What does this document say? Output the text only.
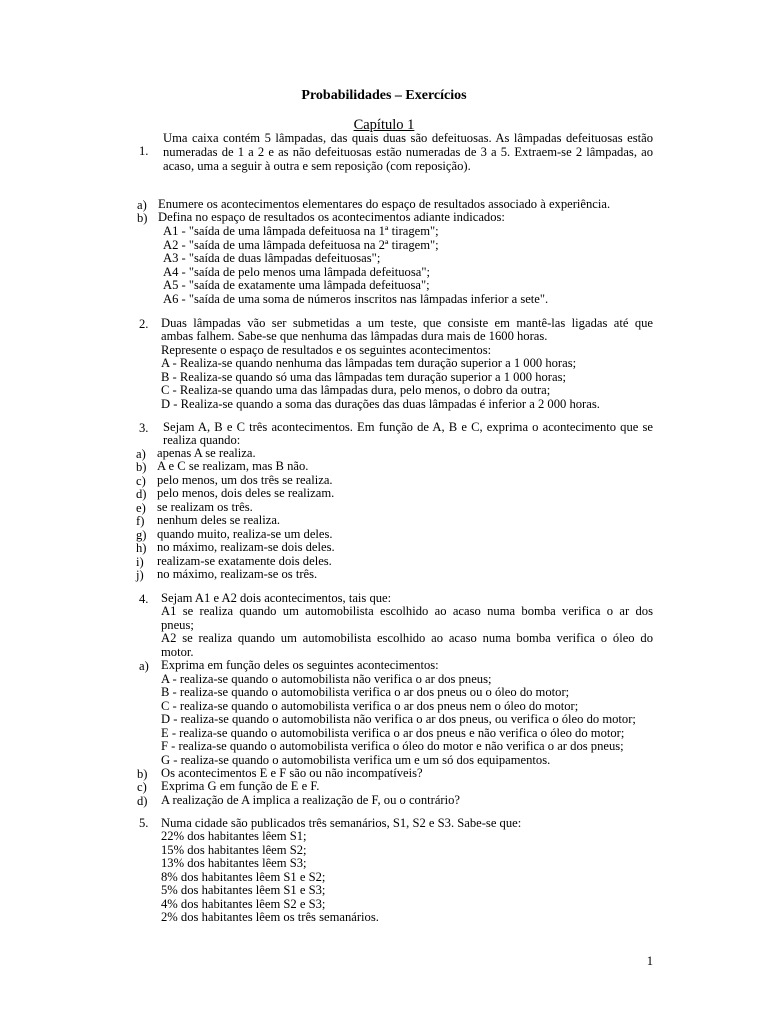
Probabilidades – Exercícios
Capítulo 1
1.
Uma caixa contém 5 lâmpadas, das quais duas são defeituosas. As lâmpadas defeituosas estão
numeradas de 1 a 2 e as não defeituosas estão numeradas de 3 a 5. Extraem-se 2 lâmpadas, ao
acaso, uma a seguir à outra e sem reposição (com reposição).
a) Enumere os acontecimentos elementares do espaço de resultados associado à experiência.
b) Defina no espaço de resultados os acontecimentos adiante indicados:
A1 - "saída de uma lâmpada defeituosa na 1ª tiragem";
A2 - "saída de uma lâmpada defeituosa na 2ª tiragem";
A3 - "saída de duas lâmpadas defeituosas";
A4 - "saída de pelo menos uma lâmpada defeituosa";
A5 - "saída de exatamente uma lâmpada defeituosa";
A6 - "saída de uma soma de números inscritos nas lâmpadas inferior a sete".
2. Duas lâmpadas vão ser submetidas a um teste, que consiste em mantê-las ligadas até que
ambas falhem. Sabe-se que nenhuma das lâmpadas dura mais de 1600 horas.
Represente o espaço de resultados e os seguintes acontecimentos:
A - Realiza-se quando nenhuma das lâmpadas tem duração superior a 1 000 horas;
B - Realiza-se quando só uma das lâmpadas tem duração superior a 1 000 horas;
C - Realiza-se quando uma das lâmpadas dura, pelo menos, o dobro da outra;
D - Realiza-se quando a soma das durações das duas lâmpadas é inferior a 2 000 horas.
3. Sejam A, B e C três acontecimentos. Em função de A, B e C, exprima o acontecimento que se
realiza quando:
a) apenas A se realiza.
b) A e C se realizam, mas B não.
c) pelo menos, um dos três se realiza.
d) pelo menos, dois deles se realizam.
e) se realizam os três.
f) nenhum deles se realiza.
g) quando muito, realiza-se um deles.
h) no máximo, realizam-se dois deles.
i) realizam-se exatamente dois deles.
j) no máximo, realizam-se os três.
4. Sejam A1 e A2 dois acontecimentos, tais que:
A1 se realiza quando um automobilista escolhido ao acaso numa bomba verifica o ar dos
pneus;
A2 se realiza quando um automobilista escolhido ao acaso numa bomba verifica o óleo do
motor.
a) Exprima em função deles os seguintes acontecimentos:
A - realiza-se quando o automobilista não verifica o ar dos pneus;
B - realiza-se quando o automobilista verifica o ar dos pneus ou o óleo do motor;
C - realiza-se quando o automobilista verifica o ar dos pneus nem o óleo do motor;
D - realiza-se quando o automobilista não verifica o ar dos pneus, ou verifica o óleo do motor;
E - realiza-se quando o automobilista verifica o ar dos pneus e não verifica o óleo do motor;
F - realiza-se quando o automobilista verifica o óleo do motor e não verifica o ar dos pneus;
G - realiza-se quando o automobilista verifica um e um só dos equipamentos.
b) Os acontecimentos E e F são ou não incompatíveis?
c) Exprima G em função de E e F.
d) A realização de A implica a realização de F, ou o contrário?
5. Numa cidade são publicados três semanários, S1, S2 e S3. Sabe-se que:
22% dos habitantes lêem S1;
15% dos habitantes lêem S2;
13% dos habitantes lêem S3;
8% dos habitantes lêem S1 e S2;
5% dos habitantes lêem S1 e S3;
4% dos habitantes lêem S2 e S3;
2% dos habitantes lêem os três semanários.
1
